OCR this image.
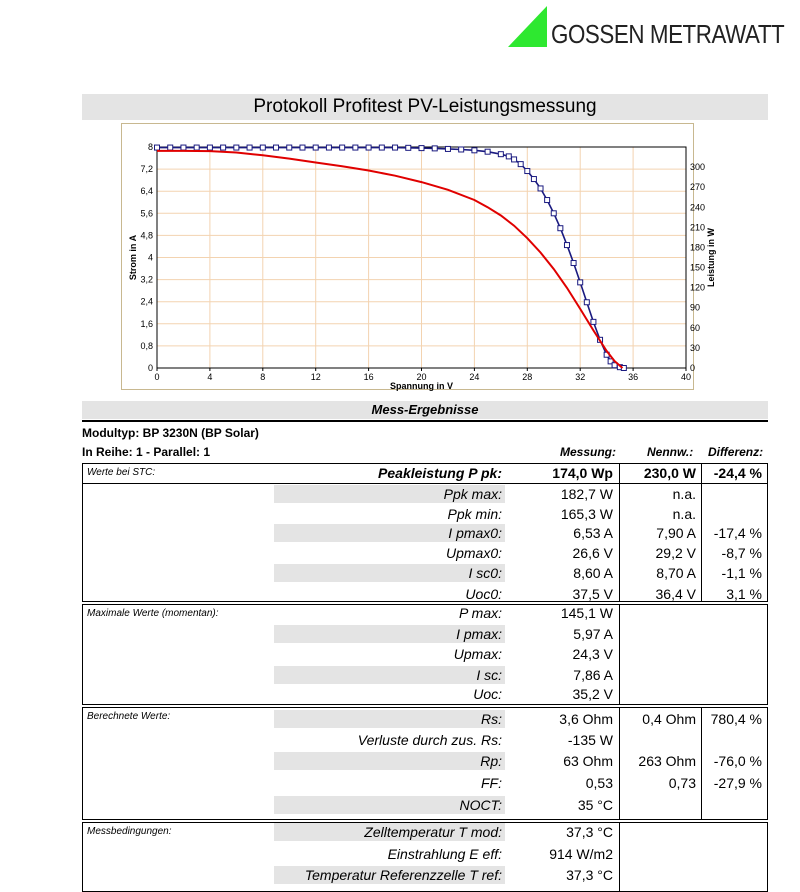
GOSSEN METRAWATT
Protokoll Profitest PV-Leistungsmessung
0	4	8	12	16	20	24	28	32	36	40
0
0,8
1,6
2,4
3,2
4
4,8
5,6
6,4
7,2
8
0
30
60
90
120
150
180
210
240
270
300
Spannung in V
Strom in A	Leistung in W
Mess-Ergebnisse
Modultyp: BP 3230N (BP Solar)
In Reihe: 1 - Parallel: 1	Messung:	Nennw.: Differenz:
Werte bei STC:	Peakleistung P pk:	174,0 Wp 230,0 W -24,4 %
Ppk max:	182,7 W	n.a.
Ppk min:	165,3 W	n.a.
I pmax0:	6,53 A	7,90 A -17,4 %
Upmax0:	26,6 V	29,2 V -8,7 %
I sc0:	8,60 A	8,70 A -1,1 %
Uoc0:	37,5 V	36,4 V 3,1 %
Maximale Werte (momentan):	P max:	145,1 W
I pmax:	5,97 A
Upmax:	24,3 V
I sc:	7,86 A
Uoc:	35,2 V
Berechnete Werte:	Rs:	3,6 Ohm 0,4 Ohm 780,4 %
Verluste durch zus. Rs:	-135 W
Rp:	63 Ohm 263 Ohm -76,0 %
FF:	0,53	0,73 -27,9 %
NOCT:	35 °C
Messbedingungen:	Zelltemperatur T mod:	37,3 °C
Einstrahlung E eff:	914 W/m2
Temperatur Referenzzelle T ref:	37,3 °C
